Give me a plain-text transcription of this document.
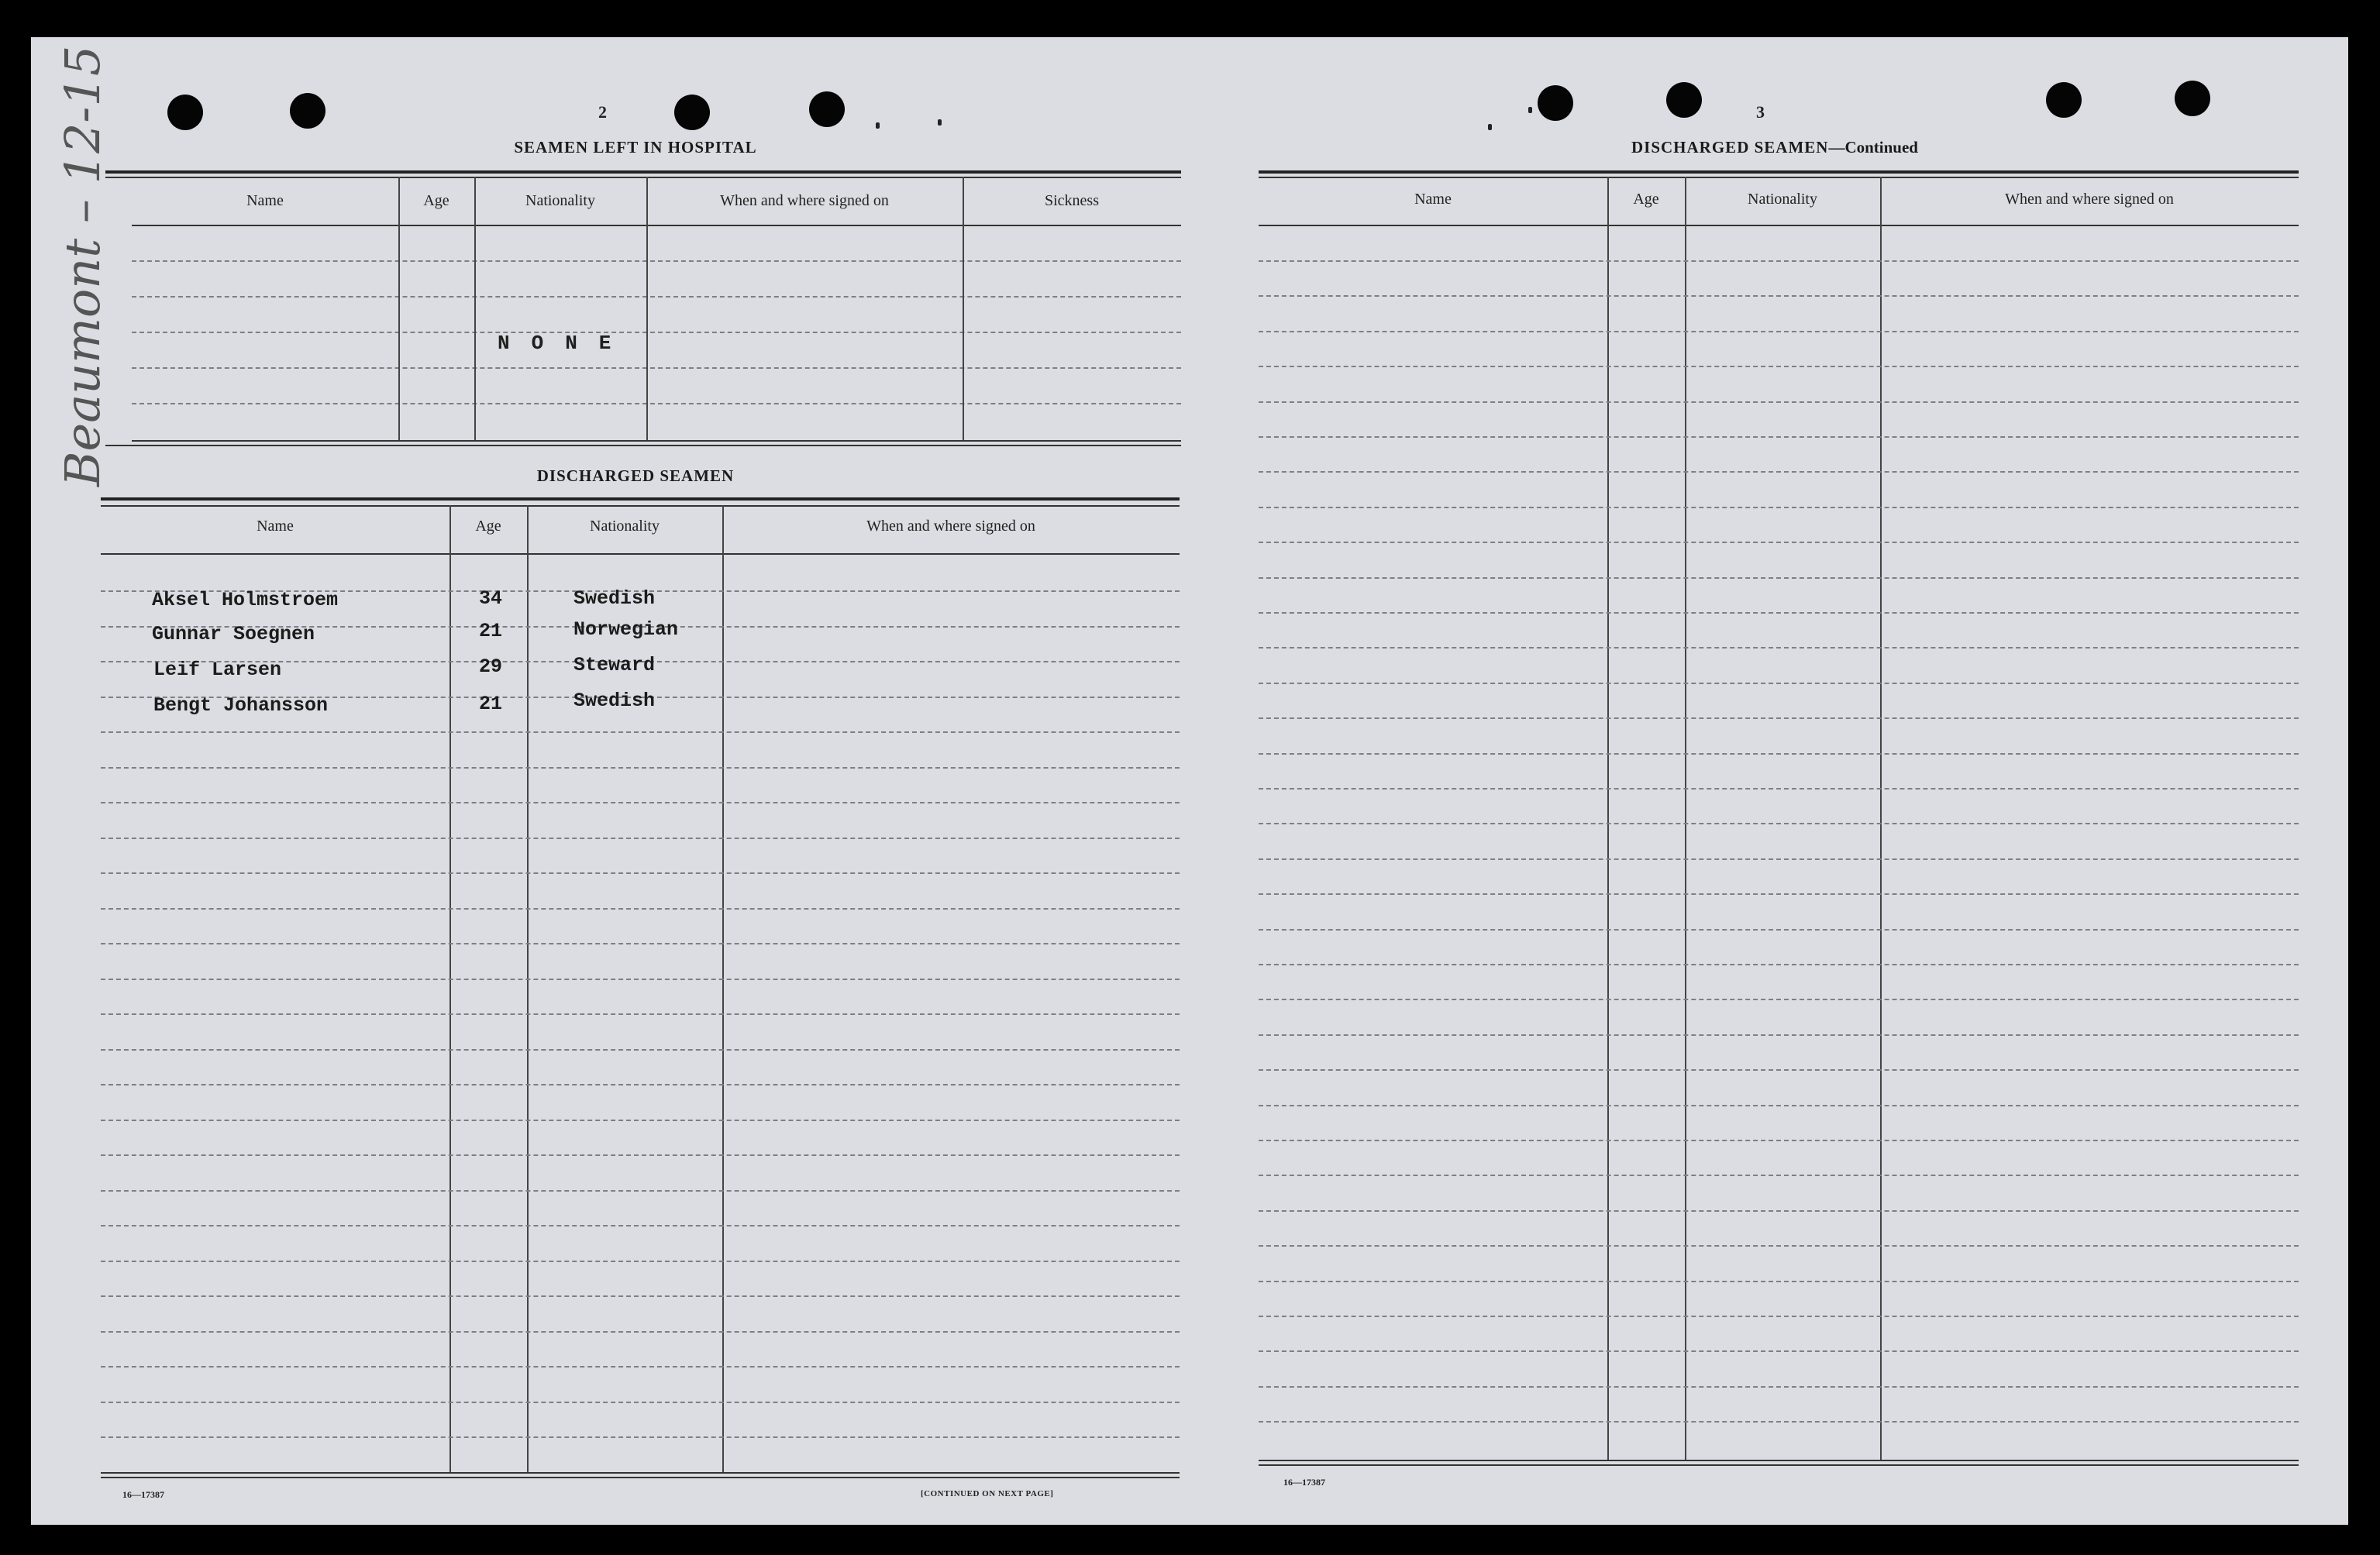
Beaumont – 12-15	2
SEAMEN LEFT IN HOSPITAL
Name	Age	Nationality	When and where signed on	Sickness
NONE
DISCHARGED SEAMEN
Name	Age	Nationality	When and where signed on
Aksel Holmstroem	34	Swedish
Gunnar Soegnen	21	Norwegian
Leif Larsen	29	Steward
Bengt Johansson	21	Swedish
16—17387	[CONTINUED ON NEXT PAGE]
3
DISCHARGED SEAMEN—Continued
Name	Age	Nationality	When and where signed on
16—17387
